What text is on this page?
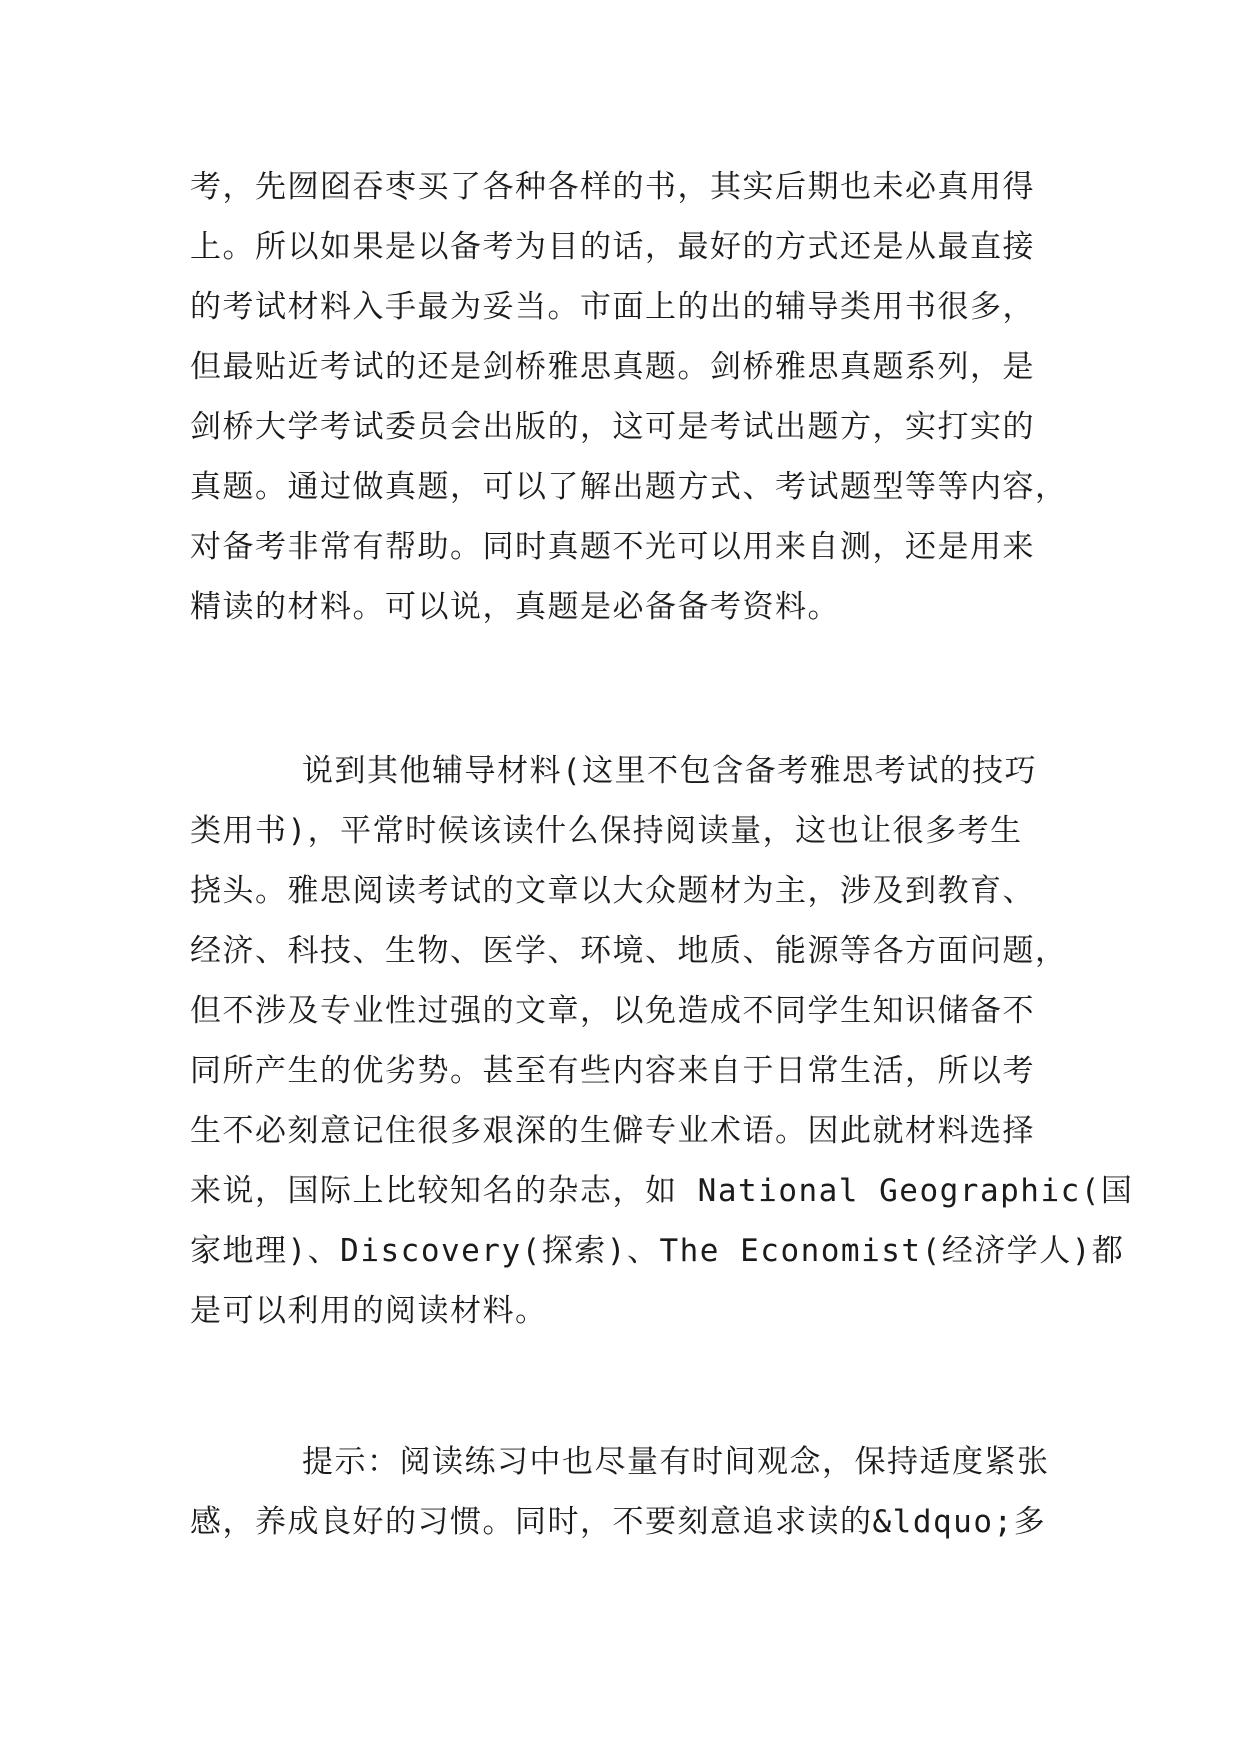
考，先囫囵吞枣买了各种各样的书，其实后期也未必真用得
上。所以如果是以备考为目的话，最好的方式还是从最直接
的考试材料入手最为妥当。市面上的出的辅导类用书很多，
但最贴近考试的还是剑桥雅思真题。剑桥雅思真题系列，是
剑桥大学考试委员会出版的，这可是考试出题方，实打实的
真题。通过做真题，可以了解出题方式、考试题型等等内容，
对备考非常有帮助。同时真题不光可以用来自测，还是用来
精读的材料。可以说，真题是必备备考资料。
说到其他辅导材料(这里不包含备考雅思考试的技巧
类用书)，平常时候该读什么保持阅读量，这也让很多考生
挠头。雅思阅读考试的文章以大众题材为主，涉及到教育、
经济、科技、生物、医学、环境、地质、能源等各方面问题，
但不涉及专业性过强的文章，以免造成不同学生知识储备不
同所产生的优劣势。甚至有些内容来自于日常生活，所以考
生不必刻意记住很多艰深的生僻专业术语。因此就材料选择
来说，国际上比较知名的杂志，如 National Geographic(国
家地理)、Discovery(探索)、The Economist(经济学人)都
是可以利用的阅读材料。
提示：阅读练习中也尽量有时间观念，保持适度紧张
感，养成良好的习惯。同时，不要刻意追求读的&ldquo;多
